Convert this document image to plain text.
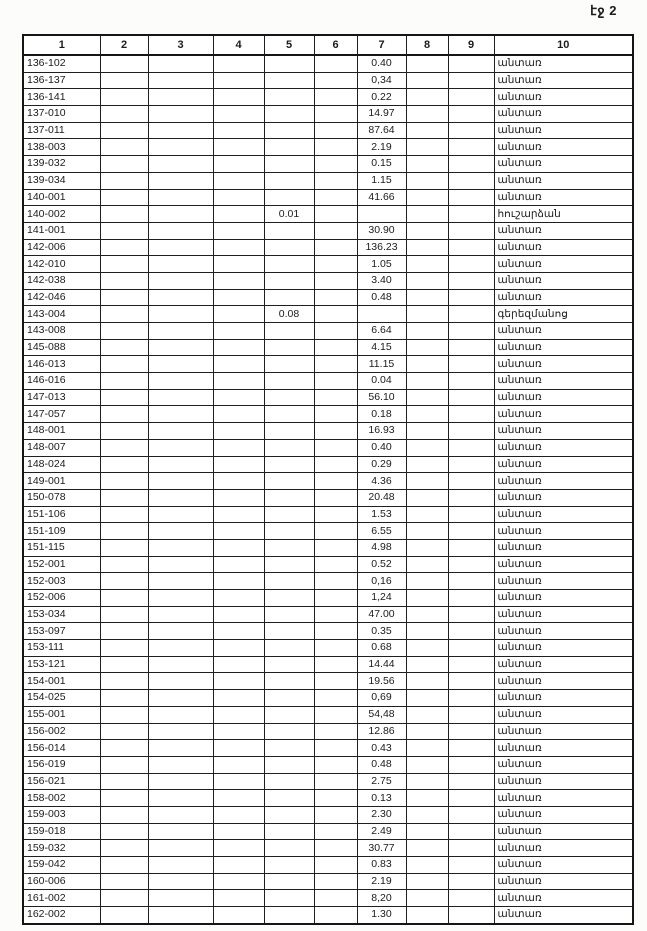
էջ 2
1	2	3	4	5	6	7	8	9	10
136-102						0.40			անտառ
136-137						0,34			անտառ
136-141						0.22			անտառ
137-010						14.97			անտառ
137-011						87.64			անտառ
138-003						2.19			անտառ
139-032						0.15			անտառ
139-034						1.15			անտառ
140-001						41.66			անտառ
140-002				0.01					հուշարձան
141-001						30.90			անտառ
142-006						136.23			անտառ
142-010						1.05			անտառ
142-038						3.40			անտառ
142-046						0.48			անտառ
143-004				0.08					գերեզմանոց
143-008						6.64			անտառ
145-088						4.15			անտառ
146-013						11.15			անտառ
146-016						0.04			անտառ
147-013						56.10			անտառ
147-057						0.18			անտառ
148-001						16.93			անտառ
148-007						0.40			անտառ
148-024						0.29			անտառ
149-001						4.36			անտառ
150-078						20.48			անտառ
151-106						1.53			անտառ
151-109						6.55			անտառ
151-115						4.98			անտառ
152-001						0.52			անտառ
152-003						0,16			անտառ
152-006						1,24			անտառ
153-034						47.00			անտառ
153-097						0.35			անտառ
153-111						0.68			անտառ
153-121						14.44			անտառ
154-001						19.56			անտառ
154-025						0,69			անտառ
155-001						54,48			անտառ
156-002						12.86			անտառ
156-014						0.43			անտառ
156-019						0.48			անտառ
156-021						2.75			անտառ
158-002						0.13			անտառ
159-003						2.30			անտառ
159-018						2.49			անտառ
159-032						30.77			անտառ
159-042						0.83			անտառ
160-006						2.19			անտառ
161-002						8,20			անտառ
162-002						1.30			անտառ
